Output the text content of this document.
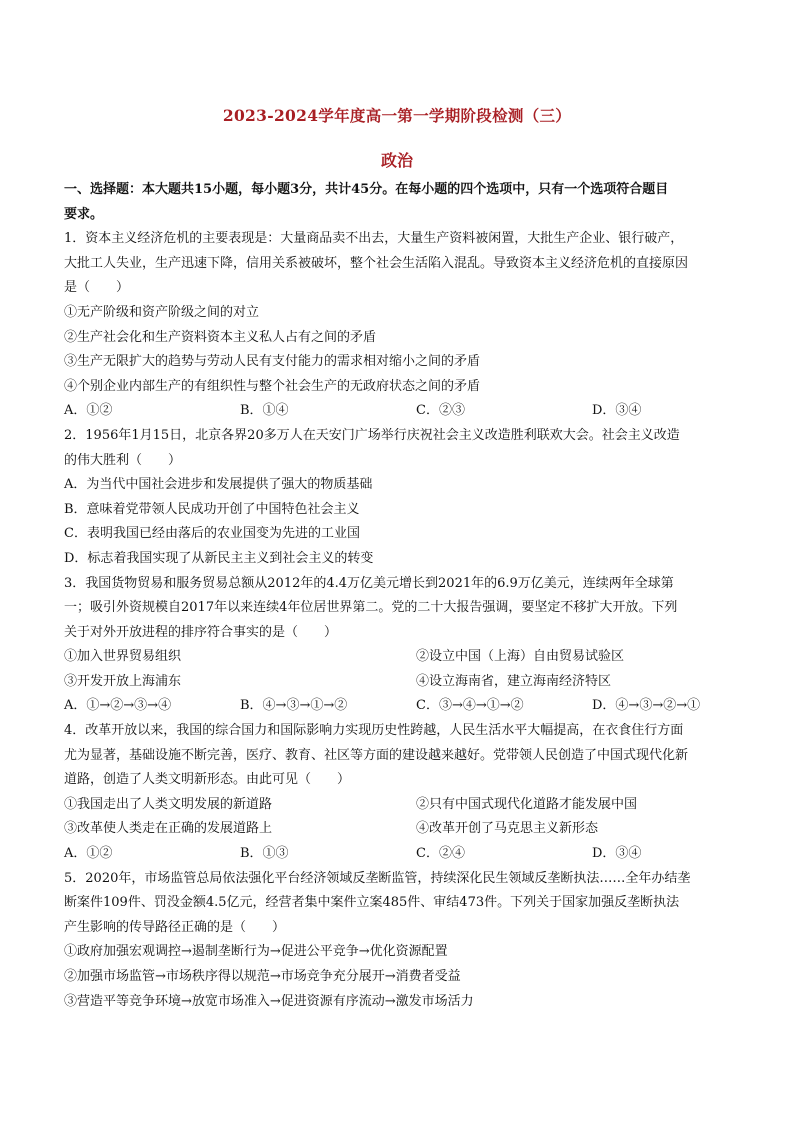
2023-2024学年度高一第一学期阶段检测（三）
政治

一、选择题：本大题共15小题，每小题3分，共计45分。在每小题的四个选项中，只有一个选项符合题目

要求。

1．资本主义经济危机的主要表现是：大量商品卖不出去，大量生产资料被闲置，大批生产企业、银行破产，

大批工人失业，生产迅速下降，信用关系被破坏，整个社会生活陷入混乱。导致资本主义经济危机的直接原因

是（　　）

①无产阶级和资产阶级之间的对立

②生产社会化和生产资料资本主义私人占有之间的矛盾

③生产无限扩大的趋势与劳动人民有支付能力的需求相对缩小之间的矛盾

④个别企业内部生产的有组织性与整个社会生产的无政府状态之间的矛盾

A．①②	B．①④	C．②③	D．③④

2．1956年1月15日，北京各界20多万人在天安门广场举行庆祝社会主义改造胜利联欢大会。社会主义改造

的伟大胜利（　　）

A．为当代中国社会进步和发展提供了强大的物质基础

B．意味着党带领人民成功开创了中国特色社会主义

C．表明我国已经由落后的农业国变为先进的工业国

D．标志着我国实现了从新民主主义到社会主义的转变

3．我国货物贸易和服务贸易总额从2012年的4.4万亿美元增长到2021年的6.9万亿美元，连续两年全球第

一；吸引外资规模自2017年以来连续4年位居世界第二。党的二十大报告强调，要坚定不移扩大开放。下列

关于对外开放进程的排序符合事实的是（　　）

①加入世界贸易组织	②设立中国（上海）自由贸易试验区
③开发开放上海浦东	④设立海南省，建立海南经济特区
A．①→②→③→④	B．④→③→①→②	C．③→④→①→②	D．④→③→②→①

4．改革开放以来，我国的综合国力和国际影响力实现历史性跨越，人民生活水平大幅提高，在衣食住行方面

尤为显著，基础设施不断完善，医疗、教育、社区等方面的建设越来越好。党带领人民创造了中国式现代化新

道路，创造了人类文明新形态。由此可见（　　）

①我国走出了人类文明发展的新道路	②只有中国式现代化道路才能发展中国
③改革使人类走在正确的发展道路上	④改革开创了马克思主义新形态
A．①②	B．①③	C．②④	D．③④

5．2020年，市场监管总局依法强化平台经济领域反垄断监管，持续深化民生领域反垄断执法……全年办结垄

断案件109件、罚没金额4.5亿元，经营者集中案件立案485件、审结473件。下列关于国家加强反垄断执法

产生影响的传导路径正确的是（　　）

①政府加强宏观调控→遏制垄断行为→促进公平竞争→优化资源配置

②加强市场监管→市场秩序得以规范→市场竞争充分展开→消费者受益

③营造平等竞争环境→放宽市场准入→促进资源有序流动→激发市场活力
